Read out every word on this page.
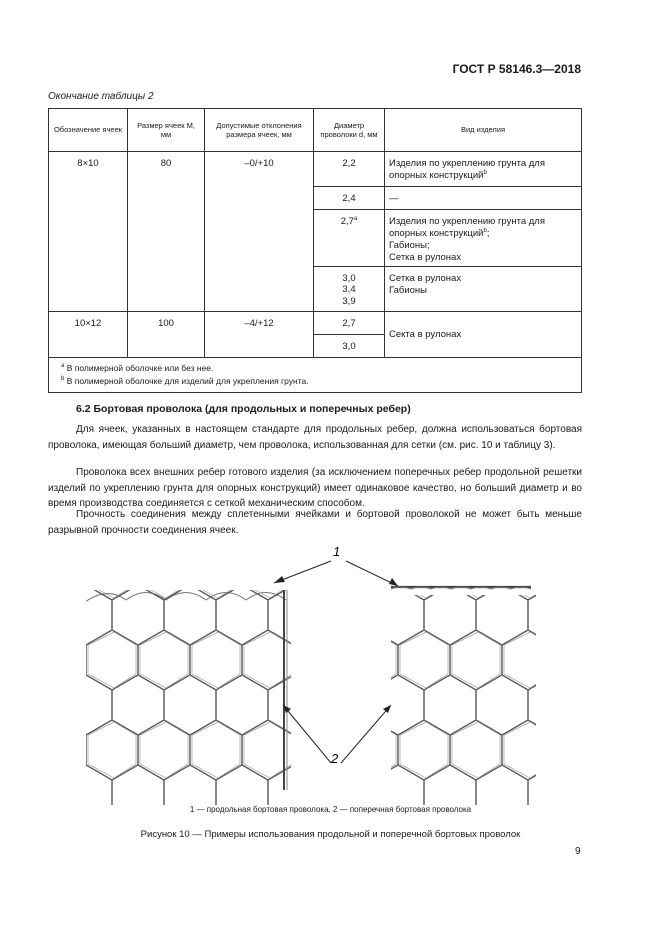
ГОСТ Р 58146.3—2018
Окончание таблицы 2
Обозначение ячеек	Размер ячеек M, мм	Допустимые отклонения размера ячеек, мм	Диаметр проволоки d, мм	Вид изделия
8×10	80	–0/+10	2,2	Изделия по укреплению грунта для опорных конструкций$^b$
			2,4	—
			2,7$^a$	Изделия по укреплению грунта для опорных конструкций$^b$;
Габионы;
Сетка в рулонах
			3,0
3,4
3,9	Сетка в рулонах
Габионы
10×12	100	–4/+12	2,7	Секта в рулонах
			3,0	
$^a$ В полимерной оболочке или без нее.
$^b$ В полимерной оболочке для изделий для укрепления грунта.				
6.2 Бортовая проволока (для продольных и поперечных ребер)
Для ячеек, указанных в настоящем стандарте для продольных ребер, должна использоваться бортовая проволока, имеющая больший диаметр, чем проволока, использованная для сетки (см. рис. 10 и таблицу 3).
Проволока всех внешних ребер готового изделия (за исключением поперечных ребер продольной решетки изделий по укреплению грунта для опорных конструкций) имеет одинаковое качество, но больший диаметр и во время производства соединяется с сеткой механическим способом.
Прочность соединения между сплетенными ячейками и бортовой проволокой не может быть меньше разрывной прочности соединения ячеек.
1
2
1 — продольная бортовая проволока, 2 — поперечная бортовая проволока
Рисунок 10 — Примеры использования продольной и поперечной бортовых проволок
9
